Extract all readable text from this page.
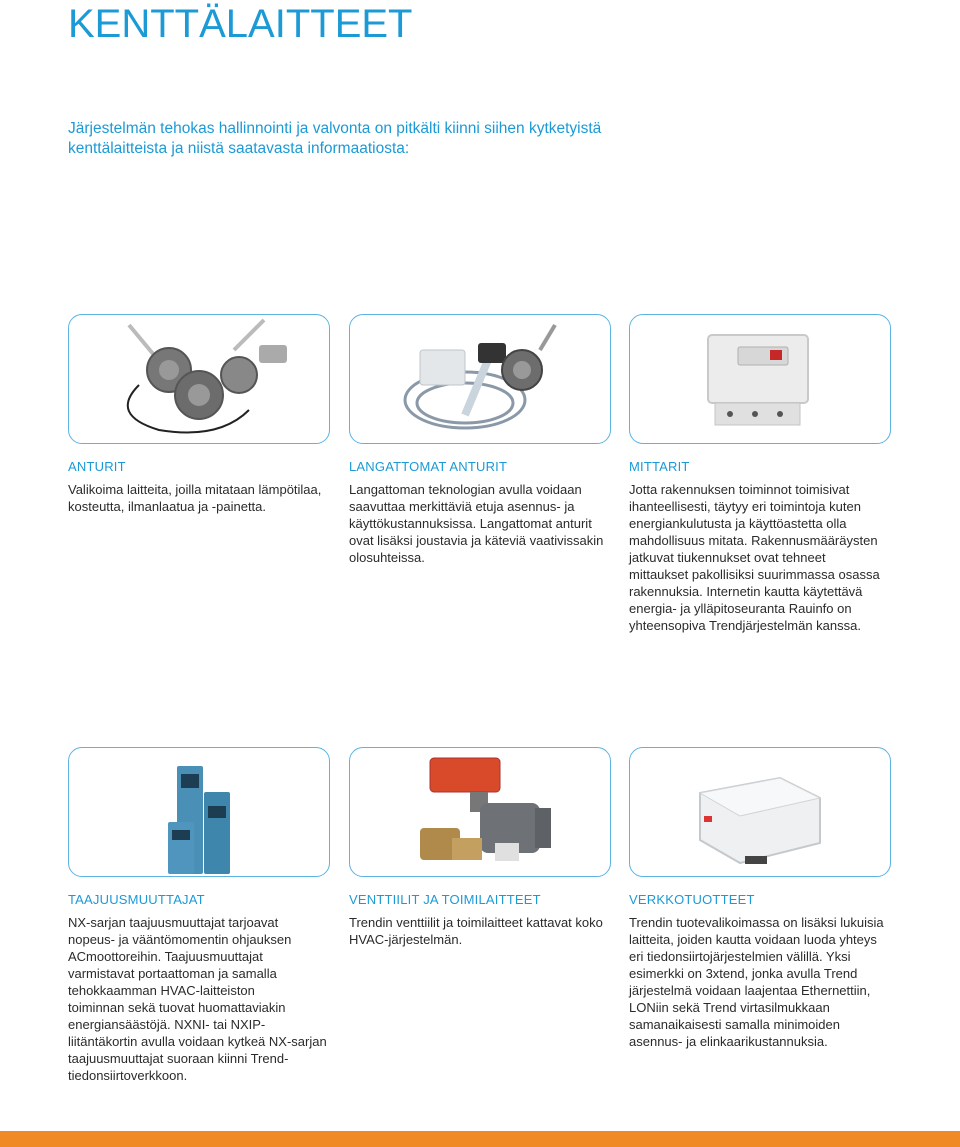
KENTTÄLAITTEET
Järjestelmän tehokas hallinnointi ja valvonta on pitkälti kiinni siihen kytketyistä
kenttälaitteista ja niistä saatavasta informaatiosta:
ANTURIT
Valikoima laitteita, joilla mitataan lämpötilaa,
kosteutta, ilmanlaatua ja -painetta.
LANGATTOMAT ANTURIT
Langattoman teknologian avulla voidaan
saavuttaa merkittäviä etuja asennus- ja
käyttökustannuksissa. Langattomat anturit
ovat lisäksi joustavia ja käteviä vaativissakin
olosuhteissa.
MITTARIT
Jotta rakennuksen toiminnot toimisivat
ihanteellisesti, täytyy eri toimintoja kuten
energiankulutusta ja käyttöastetta olla
mahdollisuus mitata. Rakennusmääräysten
jatkuvat tiukennukset ovat tehneet
mittaukset pakollisiksi suurimmassa osassa
rakennuksia. Internetin kautta käytettävä
energia- ja ylläpitoseuranta Rauinfo on
yhteensopiva Trendjärjestelmän kanssa.
TAAJUUSMUUTTAJAT
NX-sarjan taajuusmuuttajat tarjoavat
nopeus- ja vääntömomentin ohjauksen
ACmoottoreihin. Taajuusmuuttajat
varmistavat portaattoman ja samalla
tehokkaamman HVAC-laitteiston
toiminnan sekä tuovat huomattaviakin
energiansäästöjä. NXNI- tai NXIP-
liitäntäkortin avulla voidaan kytkeä NX-sarjan
taajuusmuuttajat suoraan kiinni Trend-
tiedonsiirtoverkkoon.
VENTTIILIT JA TOIMILAITTEET
Trendin venttiilit ja toimilaitteet kattavat koko
HVAC-järjestelmän.
VERKKOTUOTTEET
Trendin tuotevalikoimassa on lisäksi lukuisia
laitteita, joiden kautta voidaan luoda yhteys
eri tiedonsiirtojärjestelmien välillä. Yksi
esimerkki on 3xtend, jonka avulla Trend
järjestelmä voidaan laajentaa Ethernettiin,
LONiin sekä Trend virtasilmukkaan
samanaikaisesti samalla minimoiden
asennus- ja elinkaarikustannuksia.
